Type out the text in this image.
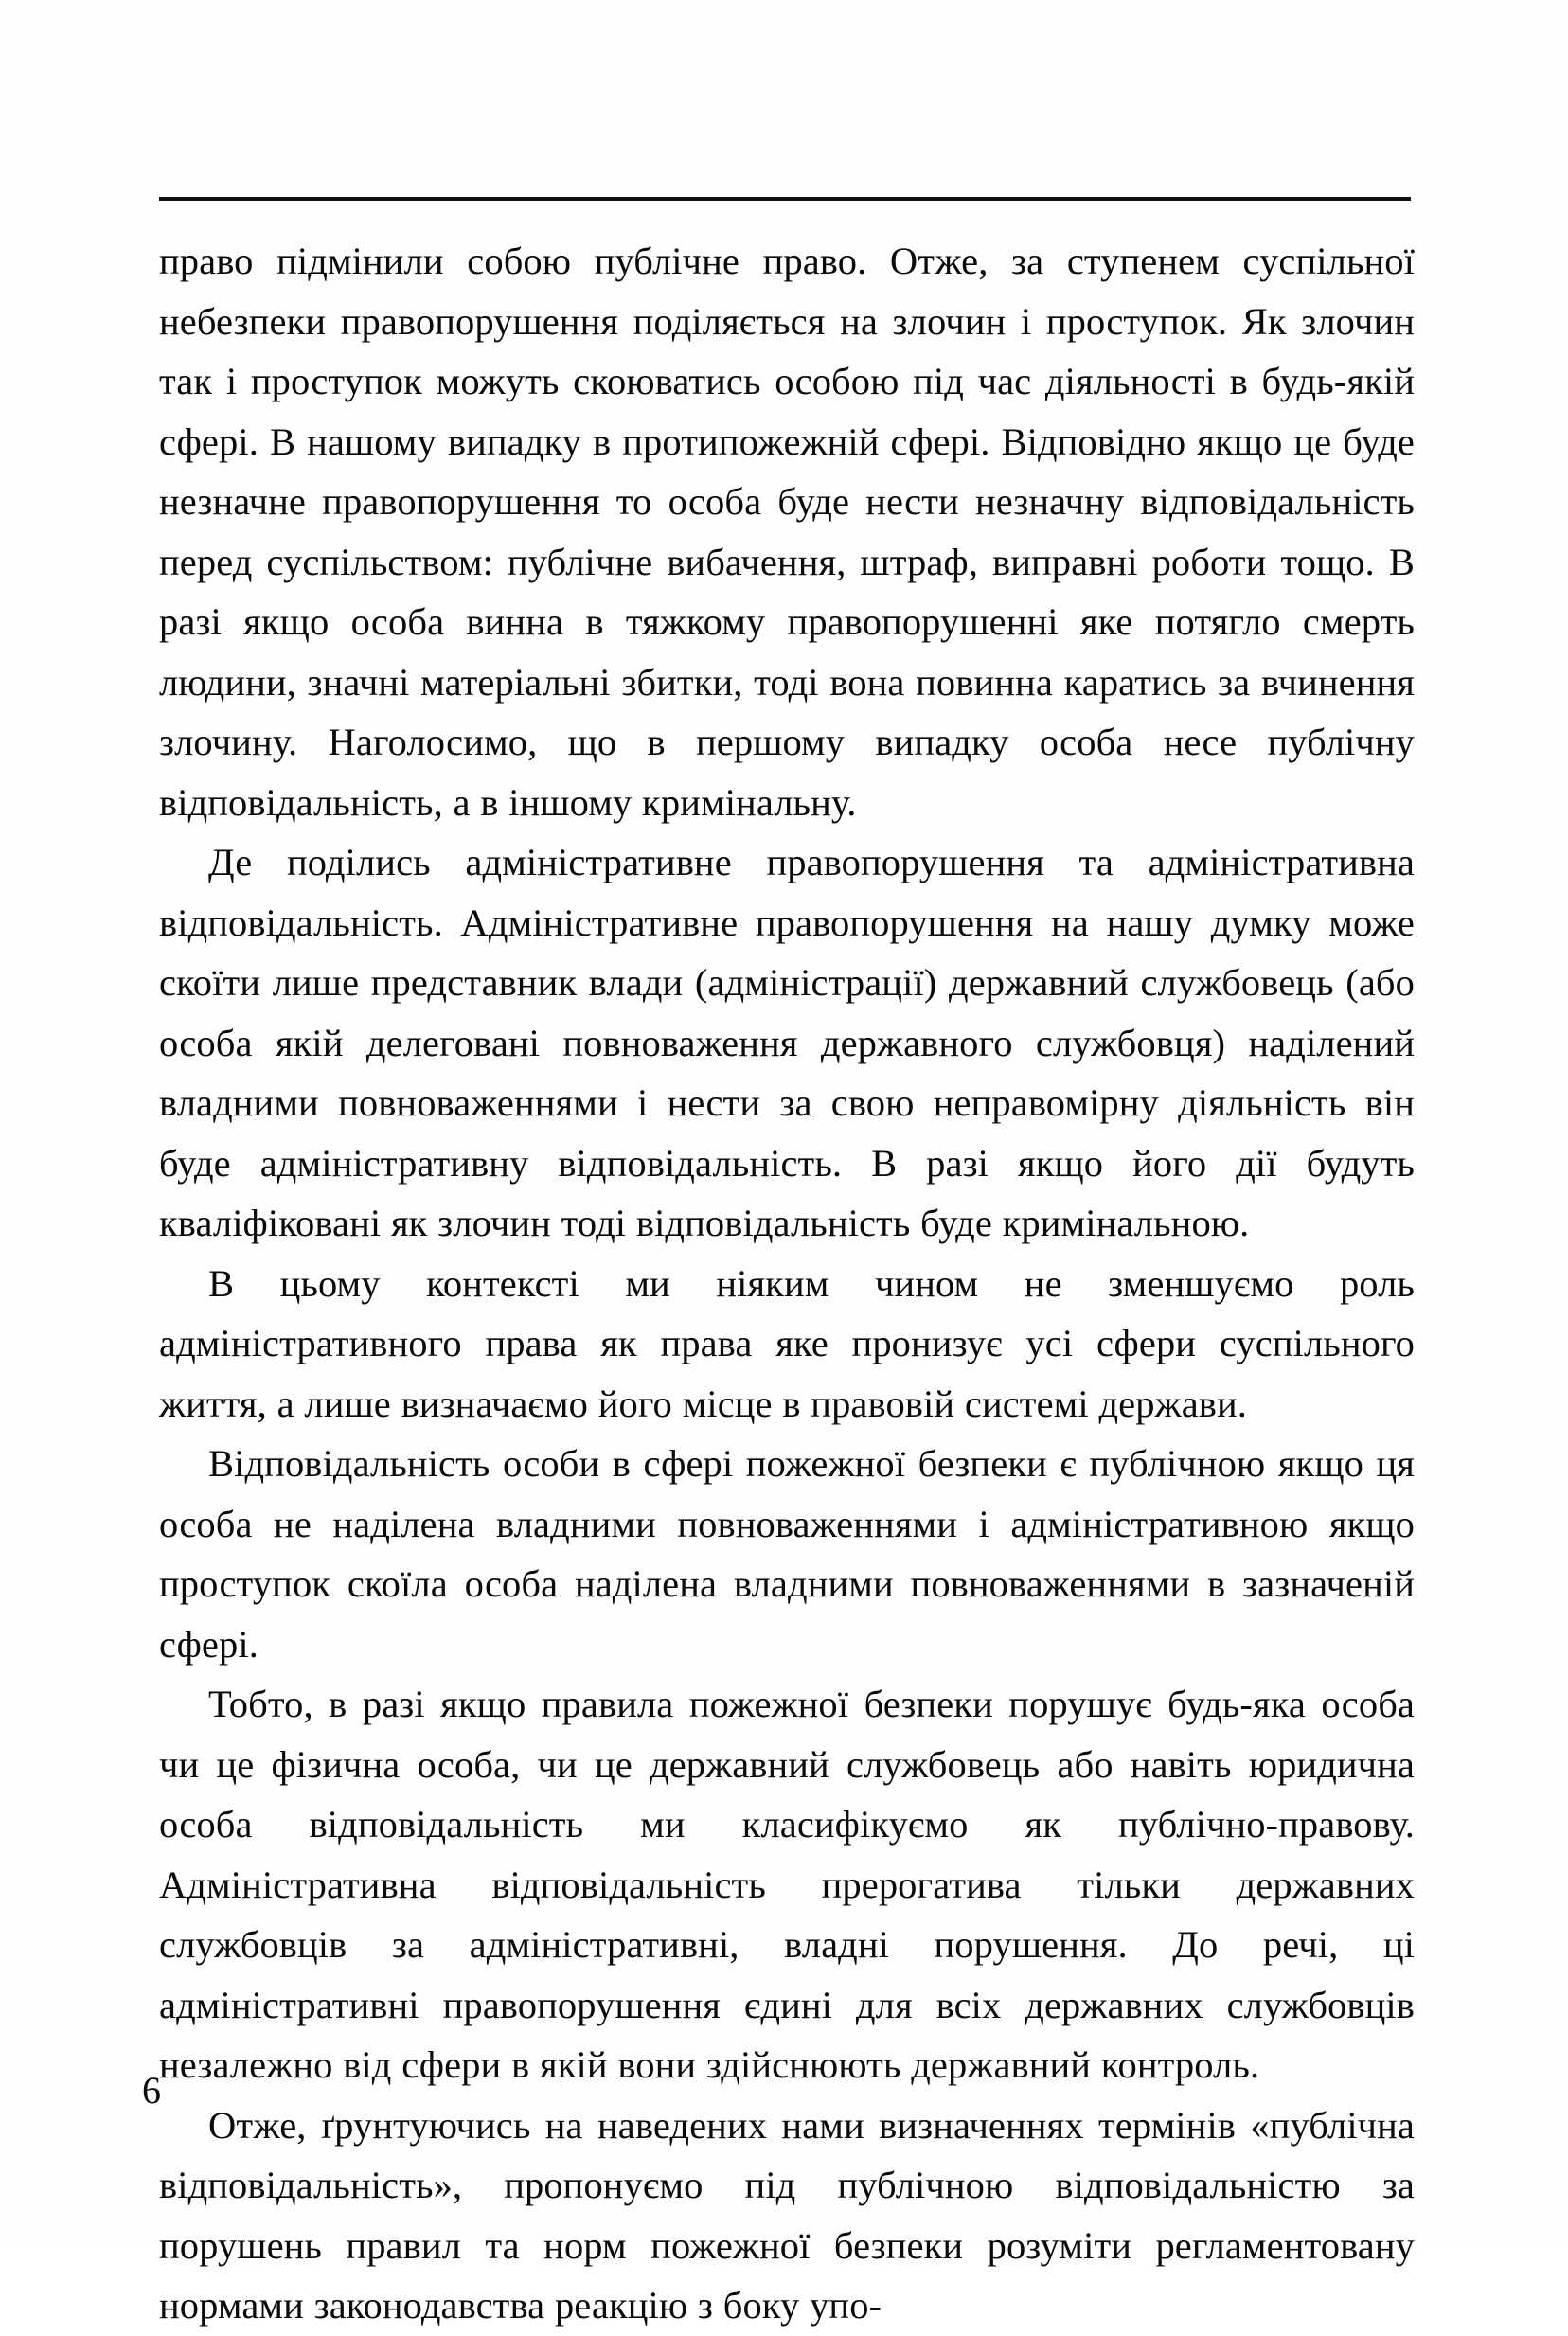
право підмінили собою публічне право. Отже, за ступенем суспільної небезпеки правопорушення поділяється на злочин і проступок. Як злочин так і проступок можуть скоюватись особою під час діяльності в будь-якій сфері. В нашому випадку в протипожежній сфері. Відповідно якщо це буде незначне правопорушення то особа буде нести незначну відповідальність перед суспільством: публічне вибачення, штраф, виправні роботи тощо. В разі якщо особа винна в тяжкому правопорушенні яке потягло смерть людини, значні матеріальні збитки, тоді вона повинна каратись за вчинення злочину. Наголосимо, що в першому випадку особа несе публічну відповідальність, а в іншому кримінальну.

Де поділись адміністративне правопорушення та адміністративна відповідальність. Адміністративне правопорушення на нашу думку може скоїти лише представник влади (адміністрації) державний службовець (або особа якій делеговані повноваження державного службовця) наділений владними повноваженнями і нести за свою неправомірну діяльність він буде адміністративну відповідальність. В разі якщо його дії будуть кваліфіковані як злочин тоді відповідальність буде кримінальною.

В цьому контексті ми ніяким чином не зменшуємо роль адміністративного права як права яке пронизує усі сфери суспільного життя, а лише визначаємо його місце в правовій системі держави.

Відповідальність особи в сфері пожежної безпеки є публічною якщо ця особа не наділена владними повноваженнями і адміністративною якщо проступок скоїла особа наділена владними повноваженнями в зазначеній сфері.

Тобто, в разі якщо правила пожежної безпеки порушує будь-яка особа чи це фізична особа, чи це державний службовець або навіть юридична особа відповідальність ми класифікуємо як публічно-правову. Адміністративна відповідальність прерогатива тільки державних службовців за адміністративні, владні порушення. До речі, ці адміністративні правопорушення єдині для всіх державних службовців незалежно від сфери в якій вони здійснюють державний контроль.

Отже, ґрунтуючись на наведених нами визначеннях термінів «публічна відповідальність», пропонуємо під публічною відповідальністю за порушень правил та норм пожежної безпеки розуміти регламентовану нормами законодавства реакцію з боку упо-

6
